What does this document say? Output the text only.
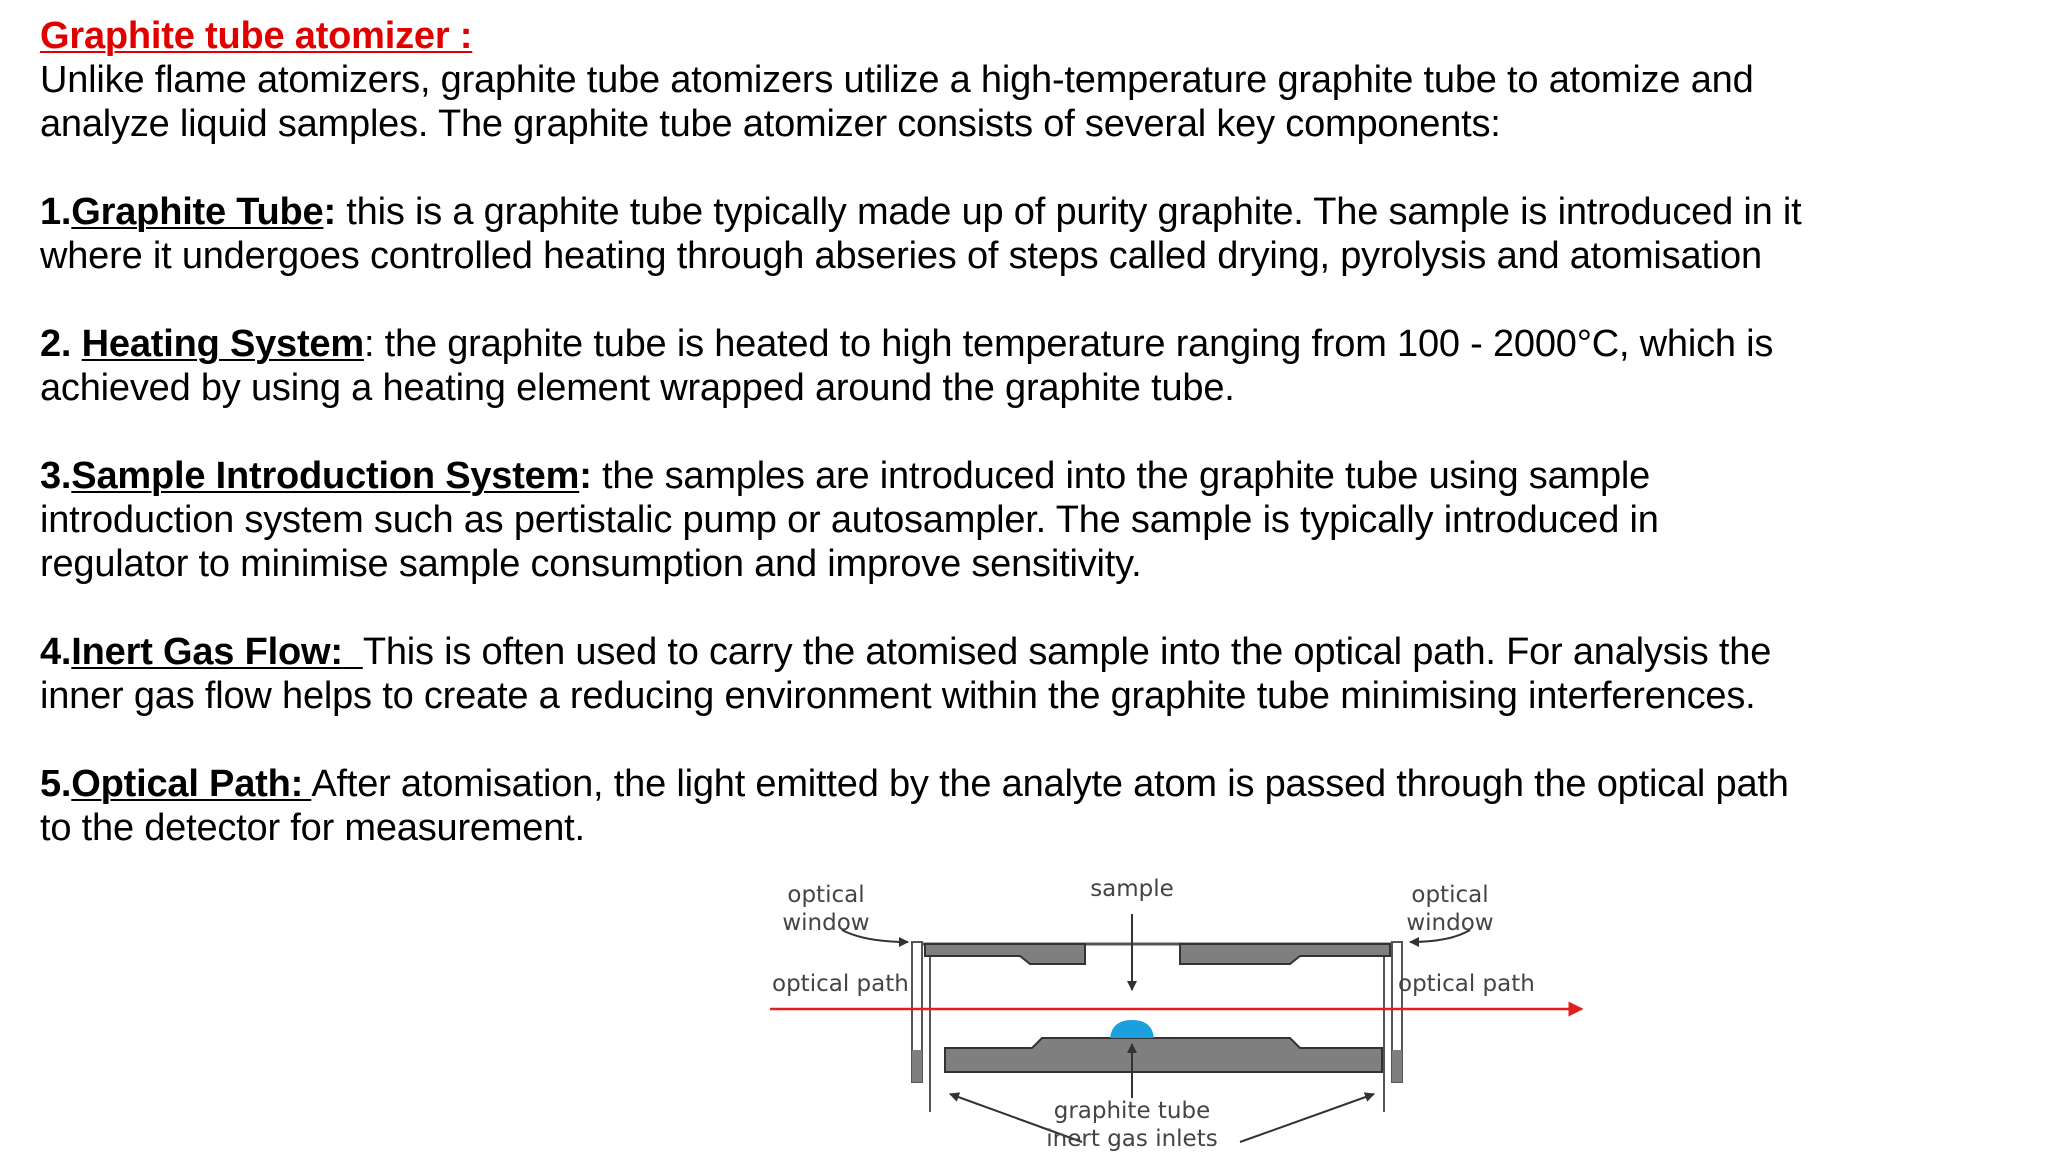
Graphite tube atomizer :
Unlike flame atomizers, graphite tube atomizers utilize a high-temperature graphite tube to atomize and
analyze liquid samples. The graphite tube atomizer consists of several key components:
1.Graphite Tube: this is a graphite tube typically made up of purity graphite. The sample is introduced in it
where it undergoes controlled heating through abseries of steps called drying, pyrolysis and atomisation
2. Heating System: the graphite tube is heated to high temperature ranging from 100 - 2000°C, which is
achieved by using a heating element wrapped around the graphite tube.
3.Sample Introduction System: the samples are introduced into the graphite tube using sample
introduction system such as pertistalic pump or autosampler. The sample is typically introduced in
regulator to minimise sample consumption and improve sensitivity.
4.Inert Gas Flow: This is often used to carry the atomised sample into the optical path. For analysis the
inner gas flow helps to create a reducing environment within the graphite tube minimising interferences.
5.Optical Path: After atomisation, the light emitted by the analyte atom is passed through the optical path
to the detector for measurement.
optical
window
optical path
sample	optical
window
optical path
graphite tube
inert gas inlets
